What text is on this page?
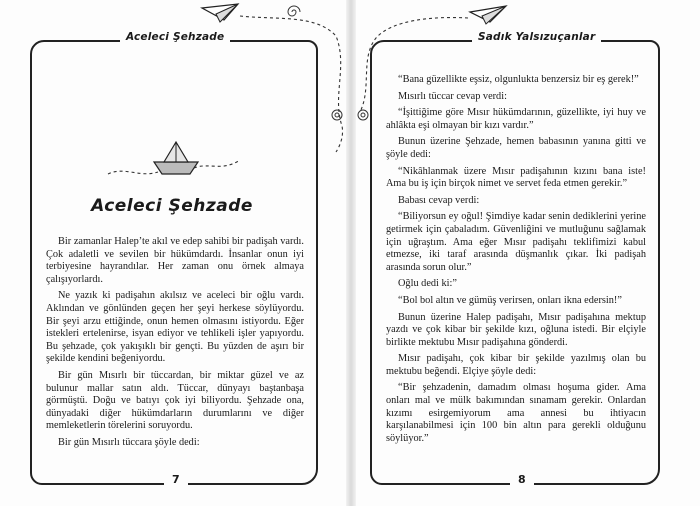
Aceleci Şehzade
Aceleci Şehzade

Bir zamanlar Halep’te akıl ve edep sahibi bir padişah vardı. Çok adaletli ve sevilen bir hükümdardı. İnsanlar onun iyi terbiyesine hayrandılar. Her zaman onu örnek almaya çalışıyorlardı.

Ne yazık ki padişahın akılsız ve aceleci bir oğlu vardı. Aklından ve gönlünden geçen her şeyi herkese söylüyordu. Bir şeyi arzu ettiğinde, onun hemen olmasını istiyordu. Eğer istekleri ertelenirse, isyan ediyor ve tehlikeli işler yapıyordu. Bu şehzade, çok yakışıklı bir gençti. Bu yüzden de aşırı bir şekilde kendini beğeniyordu.

Bir gün Mısırlı bir tüccardan, bir miktar güzel ve az bulunur mallar satın aldı. Tüccar, dünyayı baştanbaşa görmüştü. Doğu ve batıyı çok iyi biliyordu. Şehzade ona, dünyadaki diğer hükümdarların durumlarını ve diğer memleketlerin törelerini soruyordu.

Bir gün Mısırlı tüccara şöyle dedi:

7
Sadık Yalsızuçanlar

“Bana güzellikte eşsiz, olgunlukta benzersiz bir eş gerek!”

Mısırlı tüccar cevap verdi:

“İşittiğime göre Mısır hükümdarının, güzellikte, iyi huy ve ahlâkta eşi olmayan bir kızı vardır.”

Bunun üzerine Şehzade, hemen babasının yanına gitti ve şöyle dedi:

“Nikâhlanmak üzere Mısır padişahının kızını bana iste! Ama bu iş için birçok nimet ve servet feda etmen gerekir.”

Babası cevap verdi:

“Biliyorsun ey oğul! Şimdiye kadar senin dediklerini yerine getirmek için çabaladım. Güvenliğini ve mutluğunu sağlamak için uğraştım. Ama eğer Mısır padişahı teklifimizi kabul etmezse, iki taraf arasında düşmanlık çıkar. İki padişah arasında sorun olur.”

Oğlu dedi ki:”

“Bol bol altın ve gümüş verirsen, onları ikna edersin!”

Bunun üzerine Halep padişahı, Mısır padişahına mektup yazdı ve çok kibar bir şekilde kızı, oğluna istedi. Bir elçiyle birlikte mektubu Mısır padişahına gönderdi.

Mısır padişahı, çok kibar bir şekilde yazılmış olan bu mektubu beğendi. Elçiye şöyle dedi:

“Bir şehzadenin, damadım olması hoşuma gider. Ama onları mal ve mülk bakımından sınamam gerekir. Onlardan kızımı esirgemiyorum ama annesi bu ihtiyacın karşılanabilmesi için 100 bin altın para gerekli olduğunu söylüyor.”

8
